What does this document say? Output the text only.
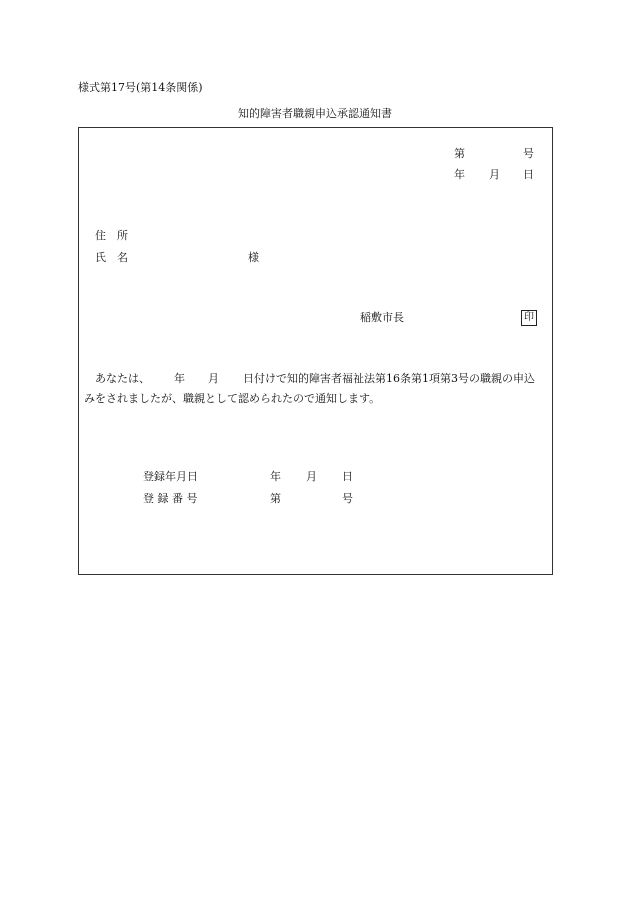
様式第17号(第14条関係)
知的障害者職親申込承認通知書
第	号
年 月 日
住　所
氏　名	様
稲敷市長	印
あなたは、 年 月 日付けで知的障害者福祉法第16条第1項第3号の職親の申込
みをされましたが、職親として認められたので通知します。
登録年月日	年 月 日
登 録 番 号	第	号
